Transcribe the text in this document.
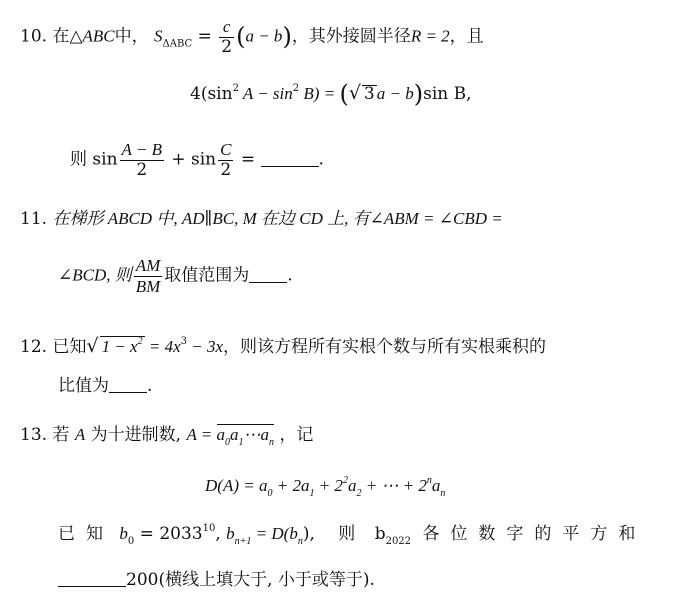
10. 在△ABC中， $S_{\Delta ABC} = \frac{c}{2} (a - b)$，其外接圆半径R = 2，且
$4(\sin^2$ $A - \sin^2 B$) = (√ 3 a − b)sin B,
则 $\sin \frac{A - B}{2} + \sin \frac{C}{2}$ =	.
11. 在梯形 ABCD 中, AD∥BC, M 在边 CD 上, 有∠ABM = ∠CBD =
∠BCD, 则 $\frac{AM}{BM}$ 取值范围为 .
12. 已知√ $1 - x^2 = 4x^3 - 3x$，则该方程所有实根个数与所有实根乘积的
比值为 .
13. 若 A 为十进制数, $A = a_0a_1\cdots a_n$ ，记
$D(A) = a_0 + 2a_1 + 2^2a_2$ + ⋯ + $2^na_n$
已知 $b_0 = 2033^{10}$, $b_{n+1} = D(b_n)$, 则 $b_{2022}$ 各位数字的平方和
200(横线上填大于, 小于或等于).
